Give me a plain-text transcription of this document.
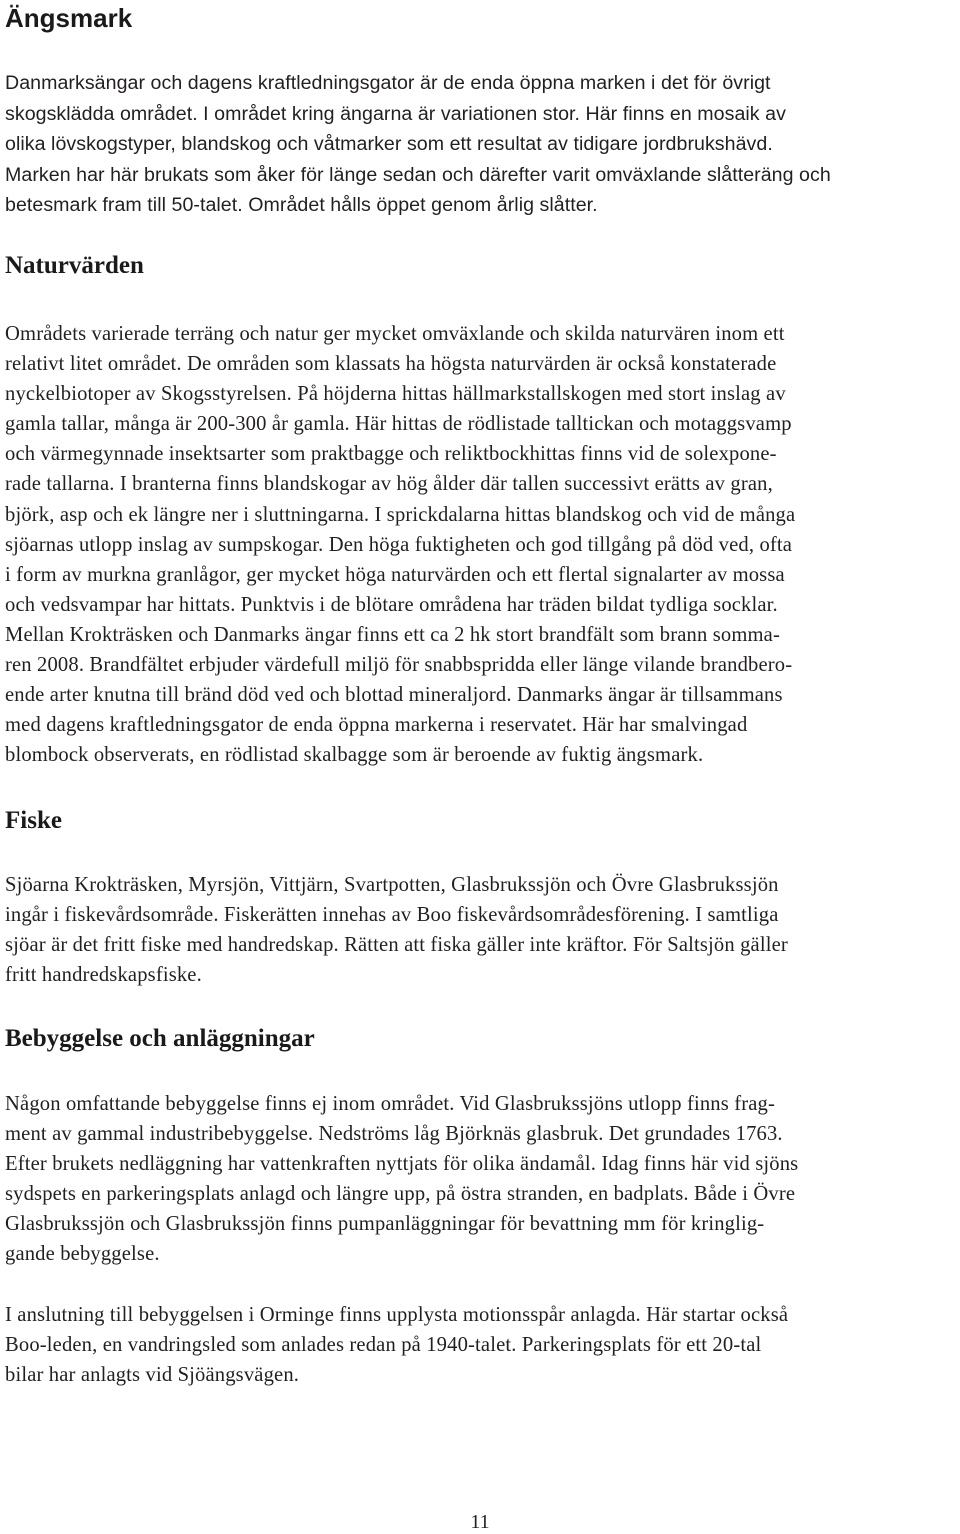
Ängsmark

Danmarksängar och dagens kraftledningsgator är de enda öppna marken i det för övrigt
skogsklädda området. I området kring ängarna är variationen stor. Här finns en mosaik av
olika lövskogstyper, blandskog och våtmarker som ett resultat av tidigare jordbrukshävd.
Marken har här brukats som åker för länge sedan och därefter varit omväxlande slåtteräng och
betesmark fram till 50-talet. Området hålls öppet genom årlig slåtter.

Naturvärden

Områdets varierade terräng och natur ger mycket omväxlande och skilda naturvären inom ett
relativt litet området. De områden som klassats ha högsta naturvärden är också konstaterade
nyckelbiotoper av Skogsstyrelsen. På höjderna hittas hällmarkstallskogen med stort inslag av
gamla tallar, många är 200-300 år gamla. Här hittas de rödlistade talltickan och motaggsvamp
och värmegynnade insektsarter som praktbagge och reliktbockhittas finns vid de solexpone-
rade tallarna. I branterna finns blandskogar av hög ålder där tallen successivt erätts av gran,
björk, asp och ek längre ner i sluttningarna. I sprickdalarna hittas blandskog och vid de många
sjöarnas utlopp inslag av sumpskogar. Den höga fuktigheten och god tillgång på död ved, ofta
i form av murkna granlågor, ger mycket höga naturvärden och ett flertal signalarter av mossa
och vedsvampar har hittats. Punktvis i de blötare områdena har träden bildat tydliga socklar.
Mellan Krokträsken och Danmarks ängar finns ett ca 2 hk stort brandfält som brann somma-
ren 2008. Brandfältet erbjuder värdefull miljö för snabbspridda eller länge vilande brandbero-
ende arter knutna till bränd död ved och blottad mineraljord. Danmarks ängar är tillsammans
med dagens kraftledningsgator de enda öppna markerna i reservatet. Här har smalvingad
blombock observerats, en rödlistad skalbagge som är beroende av fuktig ängsmark.

Fiske

Sjöarna Krokträsken, Myrsjön, Vittjärn, Svartpotten, Glasbrukssjön och Övre Glasbrukssjön
ingår i fiskevårdsområde. Fiskerätten innehas av Boo fiskevårdsområdesförening. I samtliga
sjöar är det fritt fiske med handredskap. Rätten att fiska gäller inte kräftor. För Saltsjön gäller
fritt handredskapsfiske.

Bebyggelse och anläggningar

Någon omfattande bebyggelse finns ej inom området. Vid Glasbrukssjöns utlopp finns frag-
ment av gammal industribebyggelse. Nedströms låg Björknäs glasbruk. Det grundades 1763.
Efter brukets nedläggning har vattenkraften nyttjats för olika ändamål. Idag finns här vid sjöns
sydspets en parkeringsplats anlagd och längre upp, på östra stranden, en badplats. Både i Övre
Glasbrukssjön och Glasbrukssjön finns pumpanläggningar för bevattning mm för kringlig-
gande bebyggelse.

I anslutning till bebyggelsen i Orminge finns upplysta motionsspår anlagda. Här startar också
Boo-leden, en vandringsled som anlades redan på 1940-talet. Parkeringsplats för ett 20-tal
bilar har anlagts vid Sjöängsvägen.

11
